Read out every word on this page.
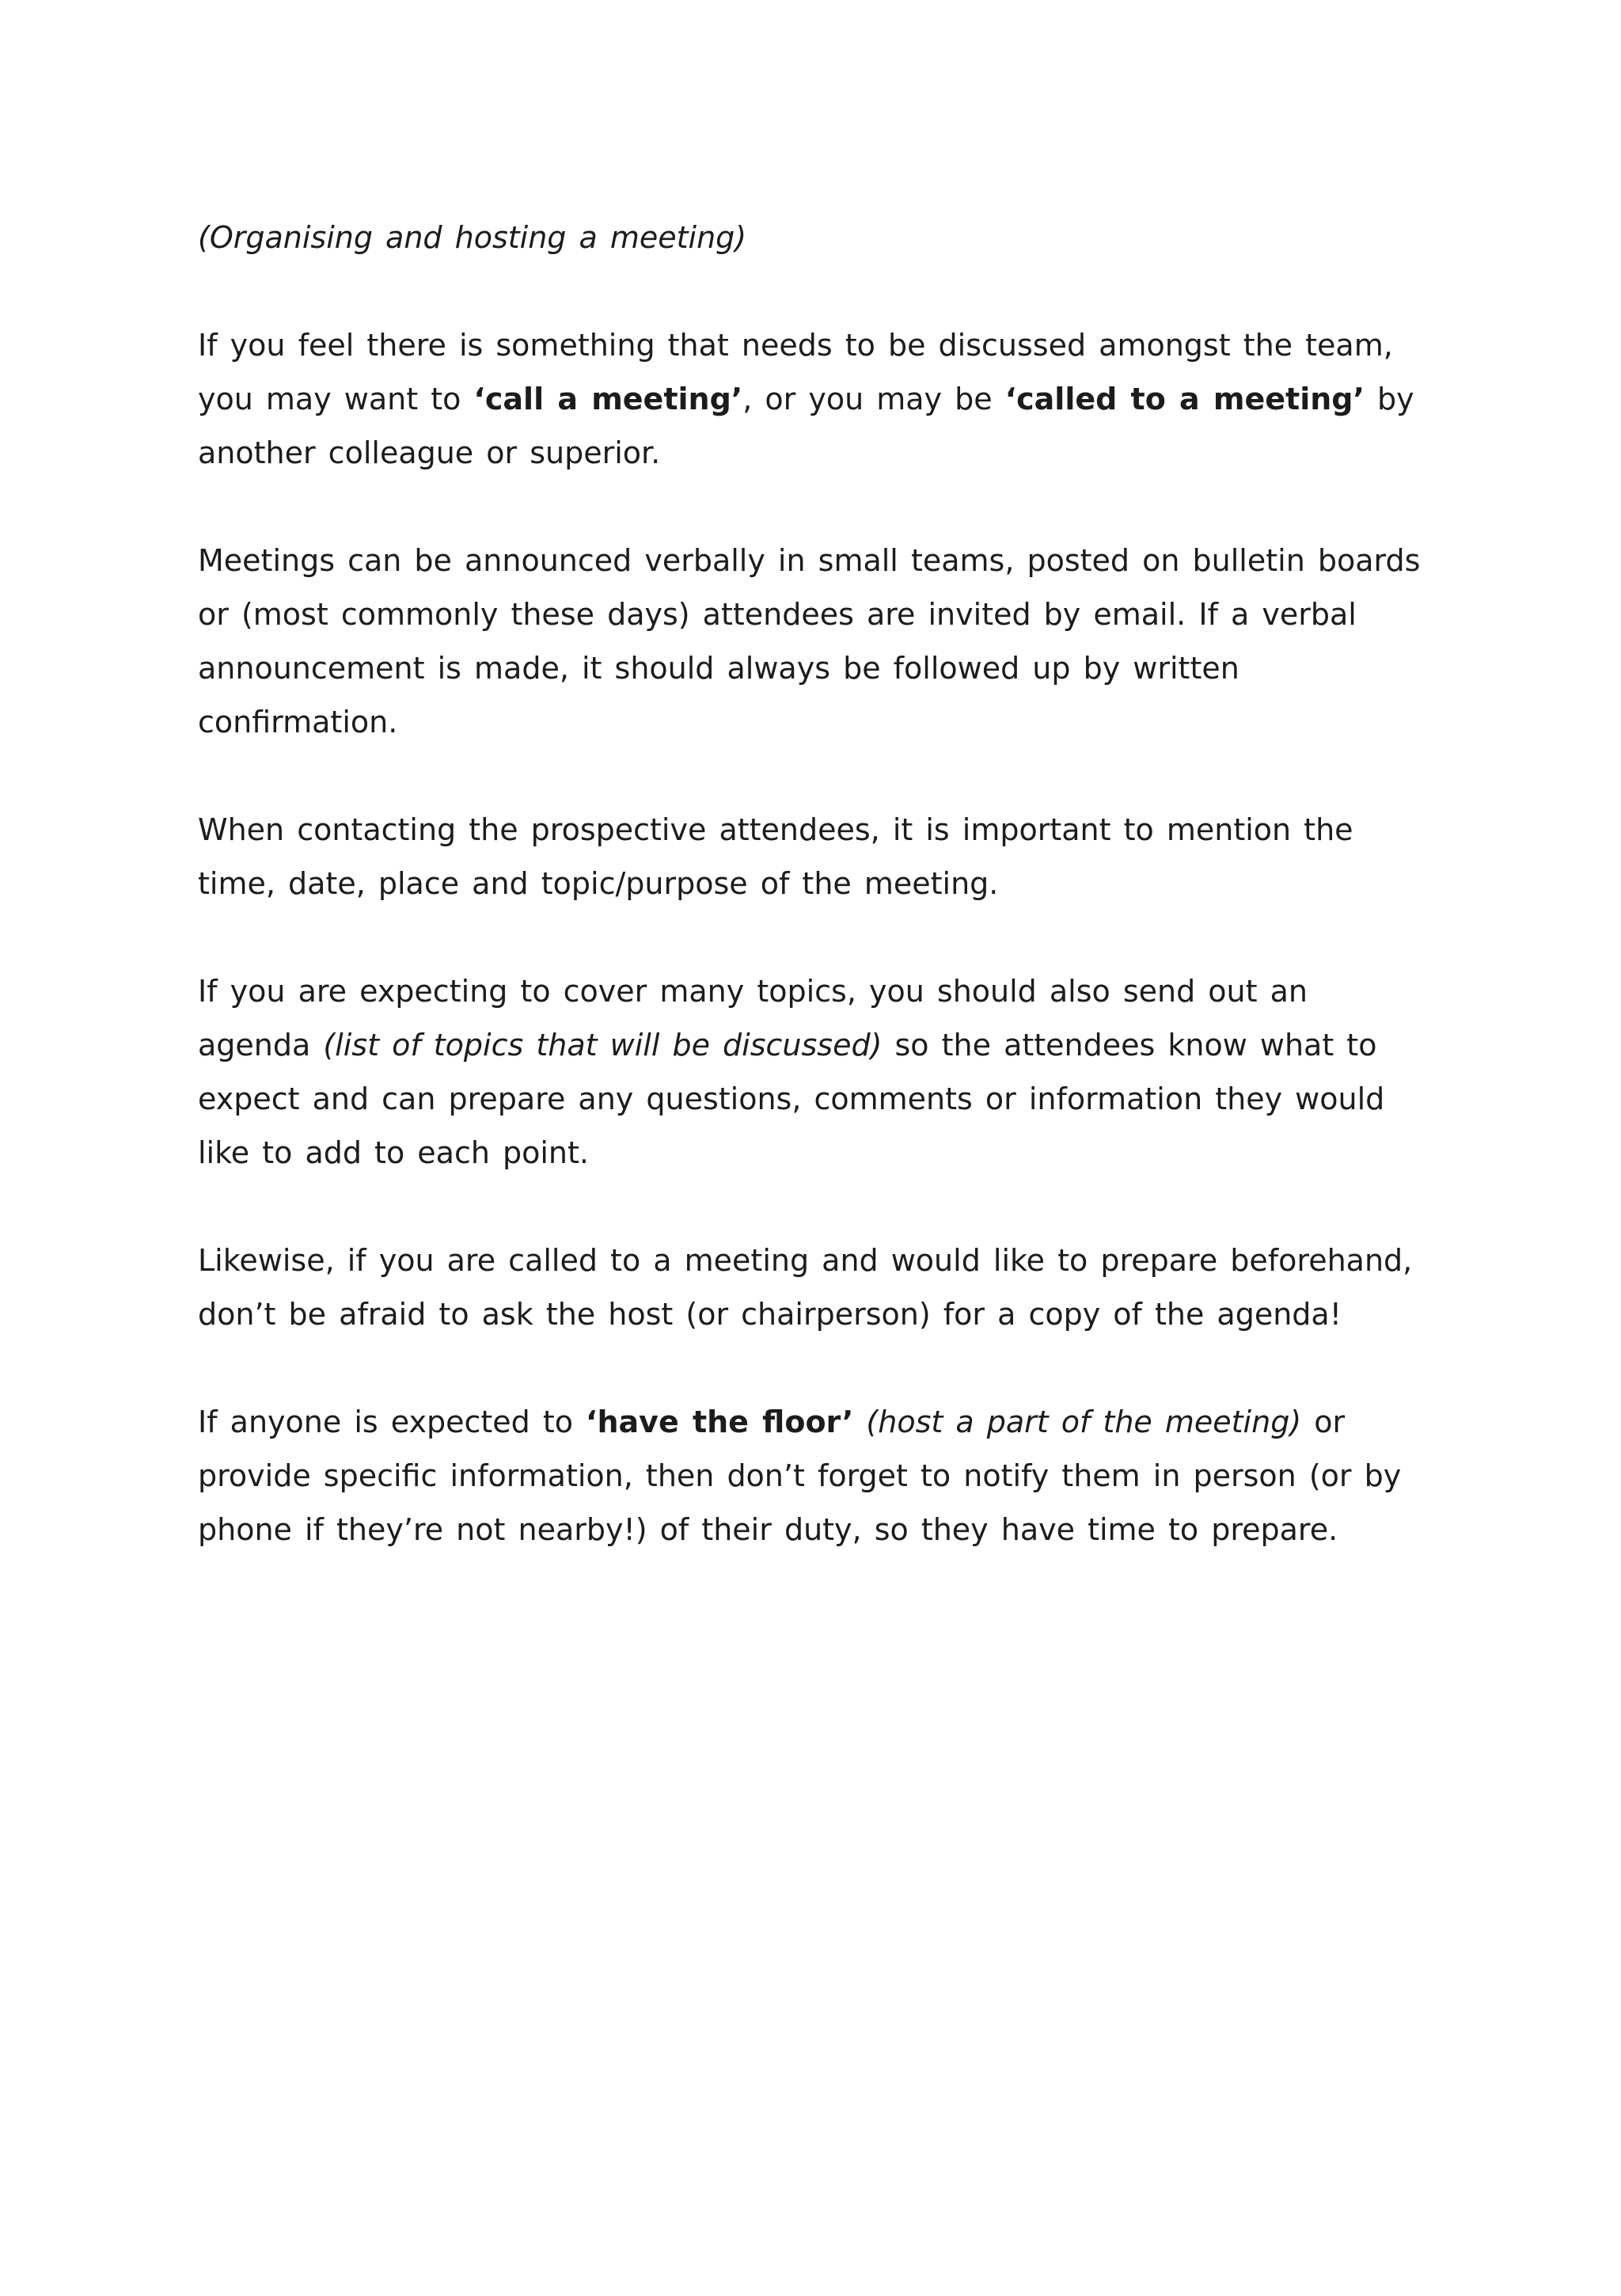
(Organising and hosting a meeting)

If you feel there is something that needs to be discussed amongst the team, you may want to ‘call a meeting’, or you may be ‘called to a meeting’ by another colleague or superior.

Meetings can be announced verbally in small teams, posted on bulletin boards or (most commonly these days) attendees are invited by email. If a verbal announcement is made, it should always be followed up by written confirmation.

When contacting the prospective attendees, it is important to mention the time, date, place and topic/purpose of the meeting.

If you are expecting to cover many topics, you should also send out an agenda (list of topics that will be discussed) so the attendees know what to expect and can prepare any questions, comments or information they would like to add to each point.

Likewise, if you are called to a meeting and would like to prepare beforehand, don’t be afraid to ask the host (or chairperson) for a copy of the agenda!

If anyone is expected to ‘have the floor’ (host a part of the meeting) or provide specific information, then don’t forget to notify them in person (or by phone if they’re not nearby!) of their duty, so they have time to prepare.
